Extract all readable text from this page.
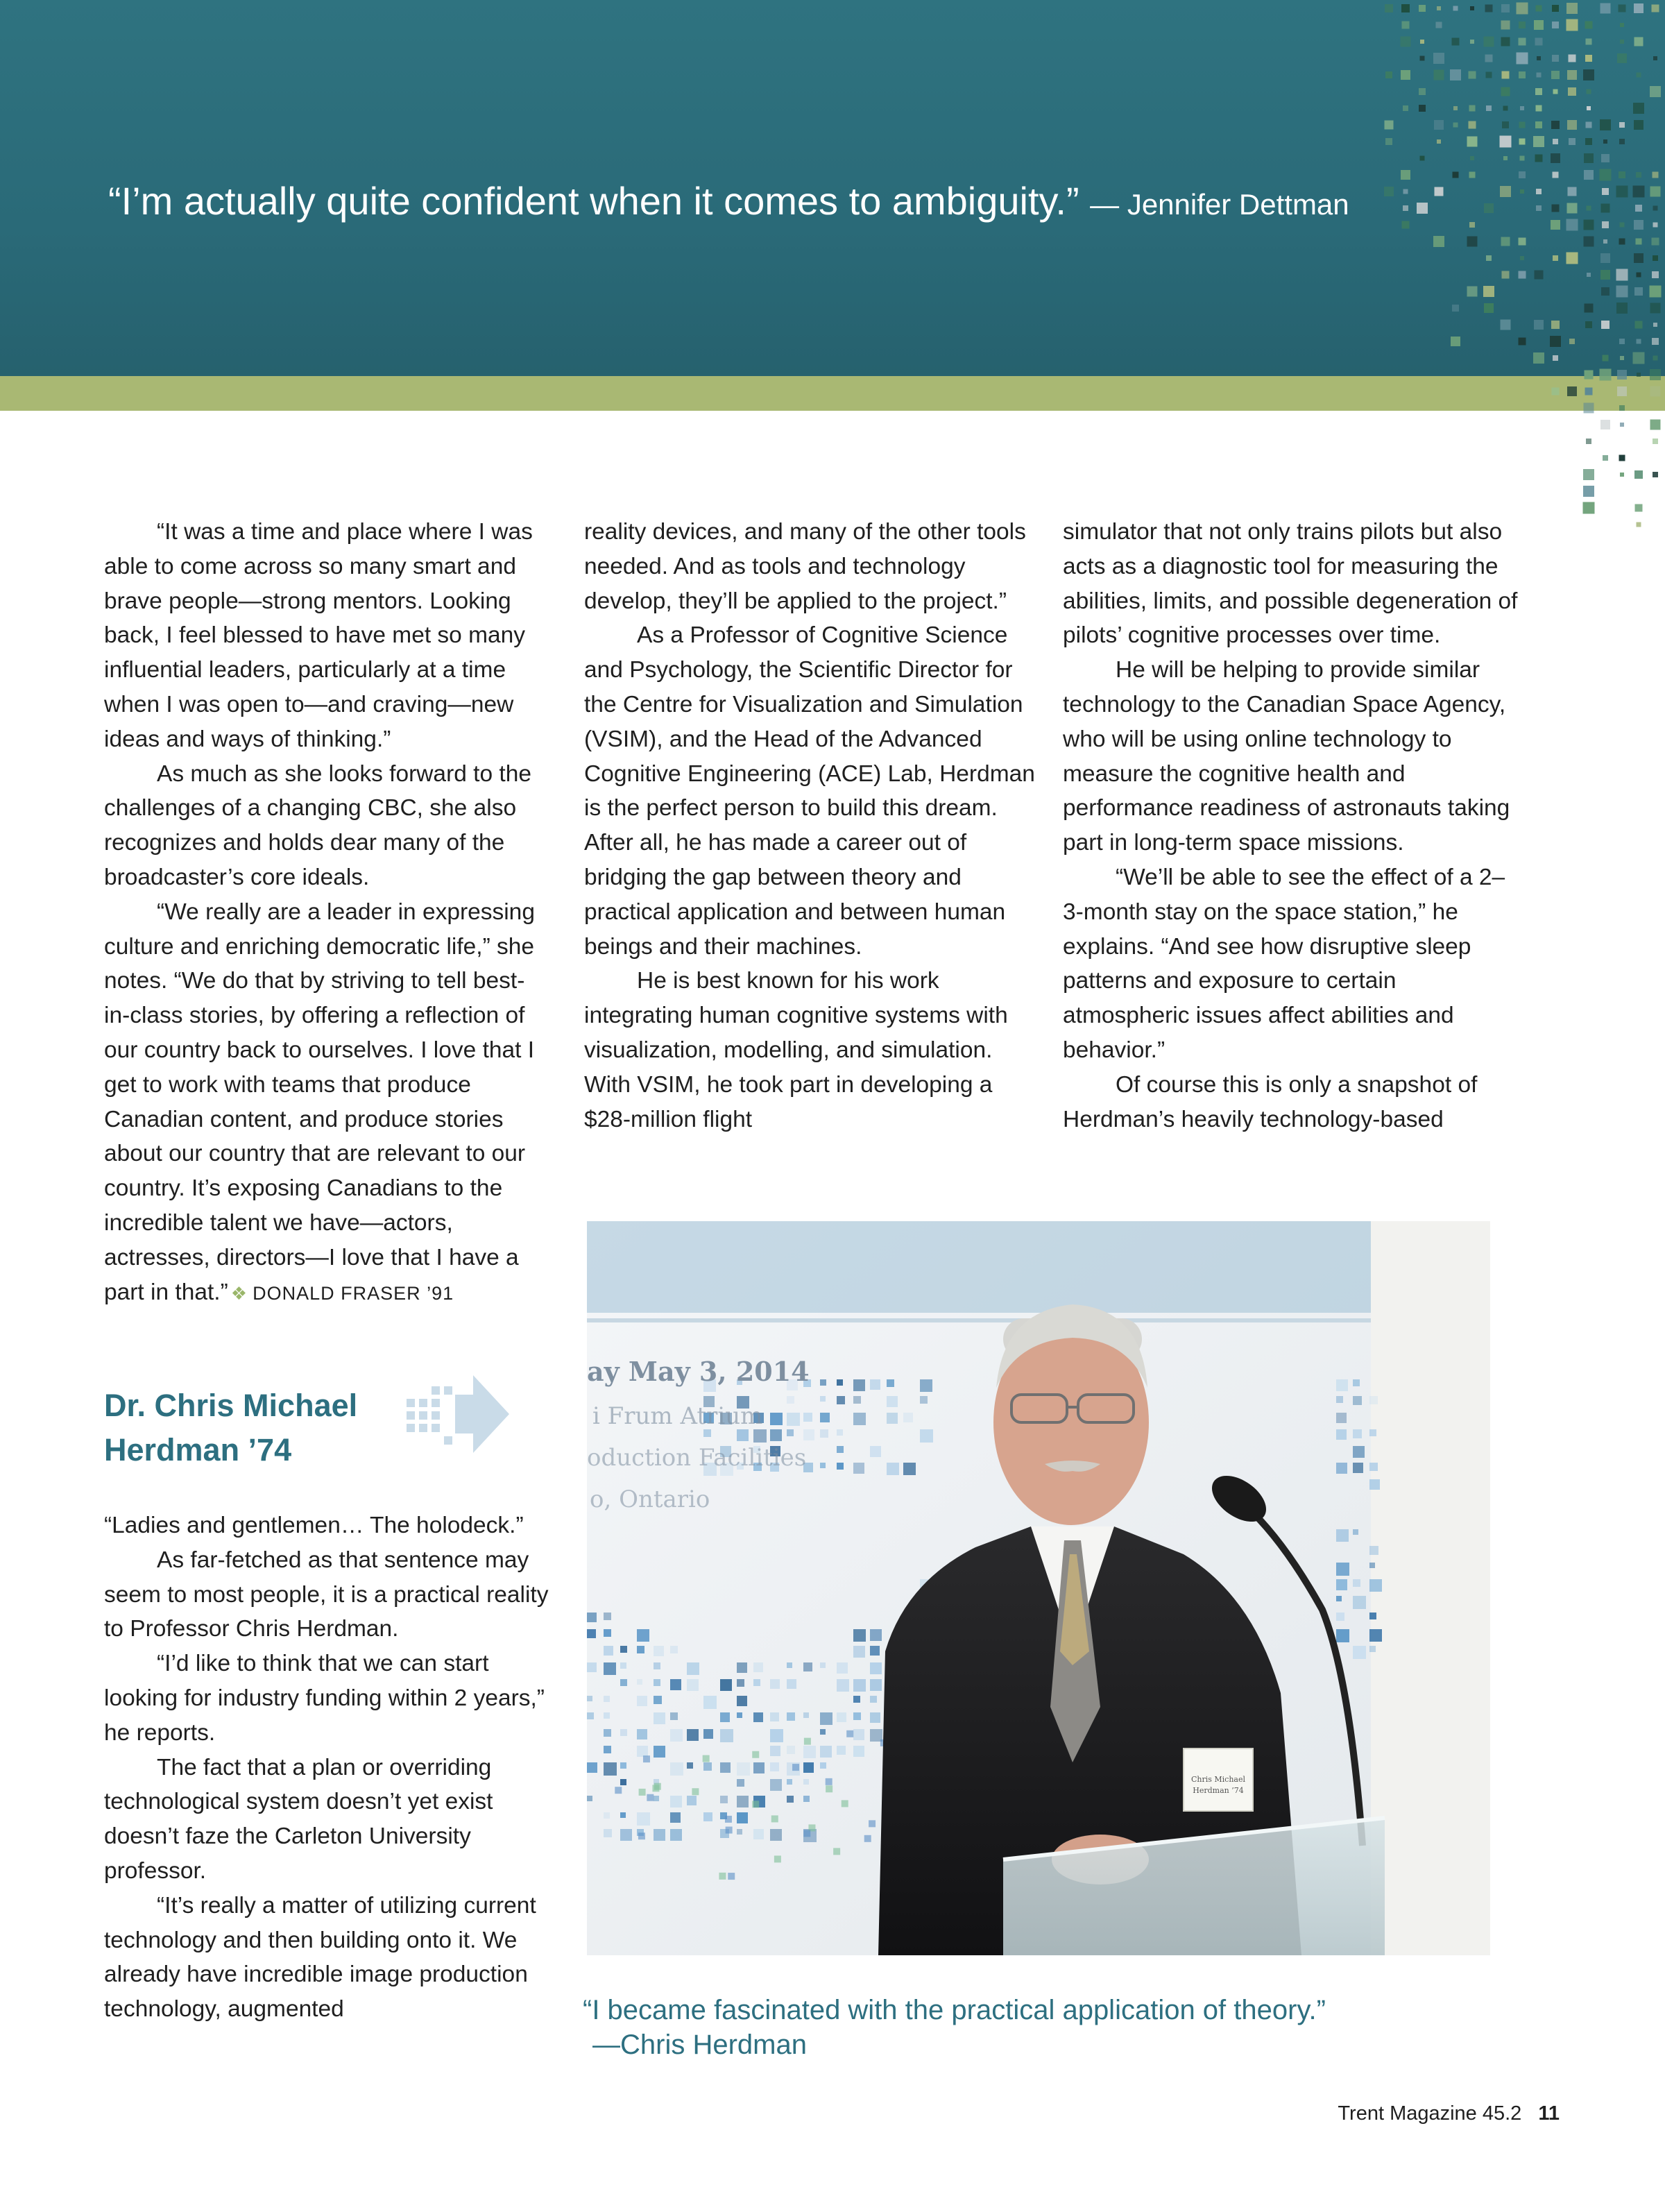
“I’m actually quite confident when it comes to ambiguity.” — Jennifer Dettman

“It was a time and place where I was able to come across so many smart and brave people—strong mentors. Looking back, I feel blessed to have met so many influential leaders, particularly at a time when I was open to—and craving—new ideas and ways of thinking.”

As much as she looks forward to the challenges of a changing CBC, she also recognizes and holds dear many of the broadcaster’s core ideals.

“We really are a leader in expressing culture and enriching democratic life,” she notes. “We do that by striving to tell best-in-class stories, by offering a reflection of our country back to ourselves. I love that I get to work with teams that produce Canadian content, and produce stories about our country that are relevant to our country. It’s exposing Canadians to the incredible talent we have—actors, actresses, directors—I love that I have a part in that.” ❖ DONALD FRASER ’91

Dr. Chris Michael
Herdman ’74

“Ladies and gentlemen… The holodeck.”

As far-fetched as that sentence may seem to most people, it is a practical reality to Professor Chris Herdman.

“I’d like to think that we can start looking for industry funding within 2 years,” he reports.

The fact that a plan or overriding technological system doesn’t yet exist doesn’t faze the Carleton University professor.

“It’s really a matter of utilizing current technology and then building onto it. We already have incredible image production technology, augmented

reality devices, and many of the other tools needed. And as tools and technology develop, they’ll be applied to the project.”

As a Professor of Cognitive Science and Psychology, the Scientific Director for the Centre for Visualization and Simulation (VSIM), and the Head of the Advanced Cognitive Engineering (ACE) Lab, Herdman is the perfect person to build this dream. After all, he has made a career out of bridging the gap between theory and practical application and between human beings and their machines.

He is best known for his work integrating human cognitive systems with visualization, modelling, and simulation. With VSIM, he took part in developing a $28-million flight

simulator that not only trains pilots but also acts as a diagnostic tool for measuring the abilities, limits, and possible degeneration of pilots’ cognitive processes over time.

He will be helping to provide similar technology to the Canadian Space Agency, who will be using online technology to measure the cognitive health and performance readiness of astronauts taking part in long-term space missions.

“We’ll be able to see the effect of a 2–3-month stay on the space station,” he explains. “And see how disruptive sleep patterns and exposure to certain atmospheric issues affect abilities and behavior.”

Of course this is only a snapshot of Herdman’s heavily technology-based

ay May 3, 2014
i Frum Atrium
oduction Facilities
o, Ontario
Chris Michael
Herdman ’74
“I became fascinated with the practical application of theory.”
—Chris Herdman
Trent Magazine 45.2 11
